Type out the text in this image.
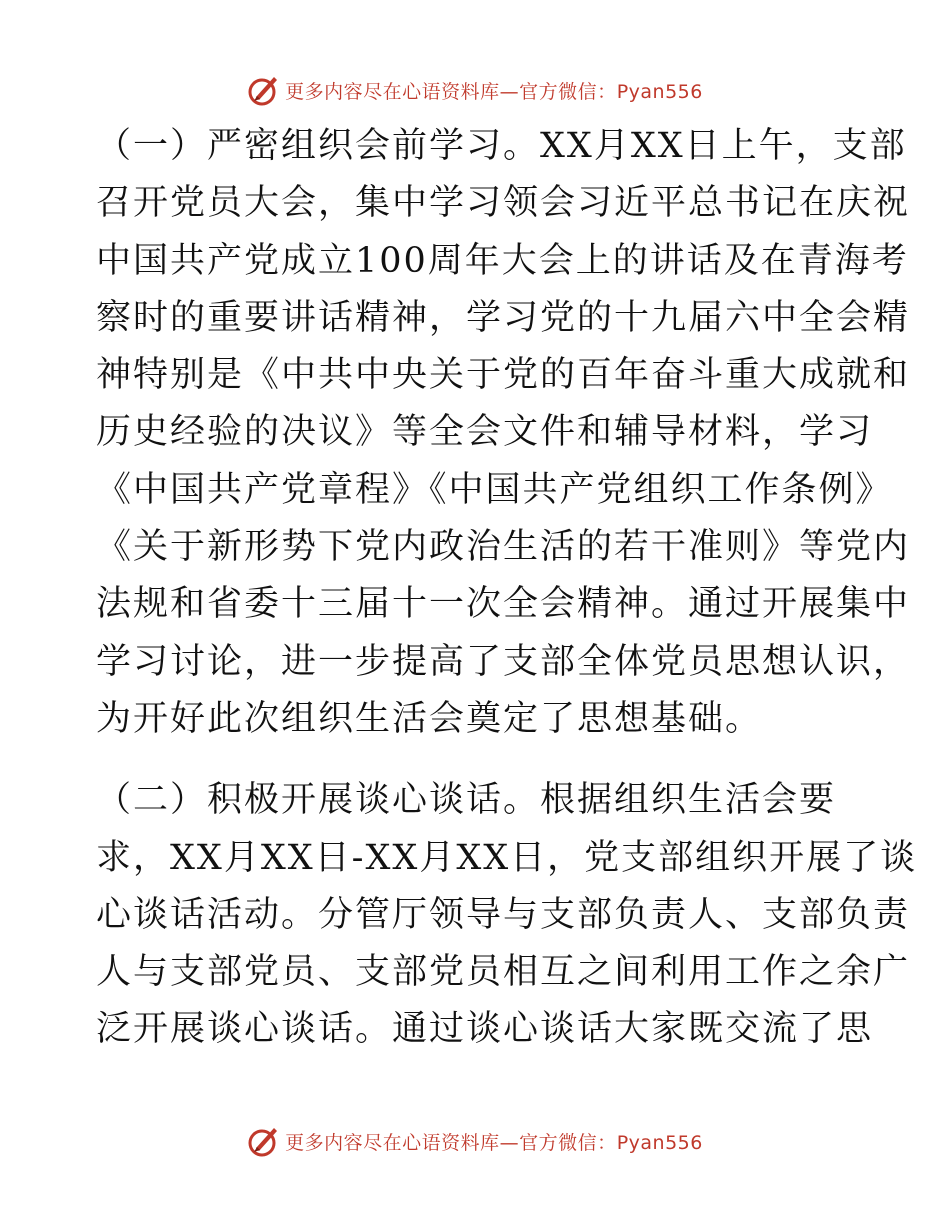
更多内容尽在心语资料库—官方微信：Pyan556

（一）严密组织会前学习。XX月XX日上午，支部
召开党员大会，集中学习领会习近平总书记在庆祝
中国共产党成立100周年大会上的讲话及在青海考
察时的重要讲话精神，学习党的十九届六中全会精
神特别是《中共中央关于党的百年奋斗重大成就和
历史经验的决议》等全会文件和辅导材料，学习
《中国共产党章程》《中国共产党组织工作条例》
《关于新形势下党内政治生活的若干准则》等党内
法规和省委十三届十一次全会精神。通过开展集中
学习讨论，进一步提高了支部全体党员思想认识，
为开好此次组织生活会奠定了思想基础。

（二）积极开展谈心谈话。根据组织生活会要
求，XX月XX日-XX月XX日，党支部组织开展了谈
心谈话活动。分管厅领导与支部负责人、支部负责
人与支部党员、支部党员相互之间利用工作之余广
泛开展谈心谈话。通过谈心谈话大家既交流了思

更多内容尽在心语资料库—官方微信：Pyan556
